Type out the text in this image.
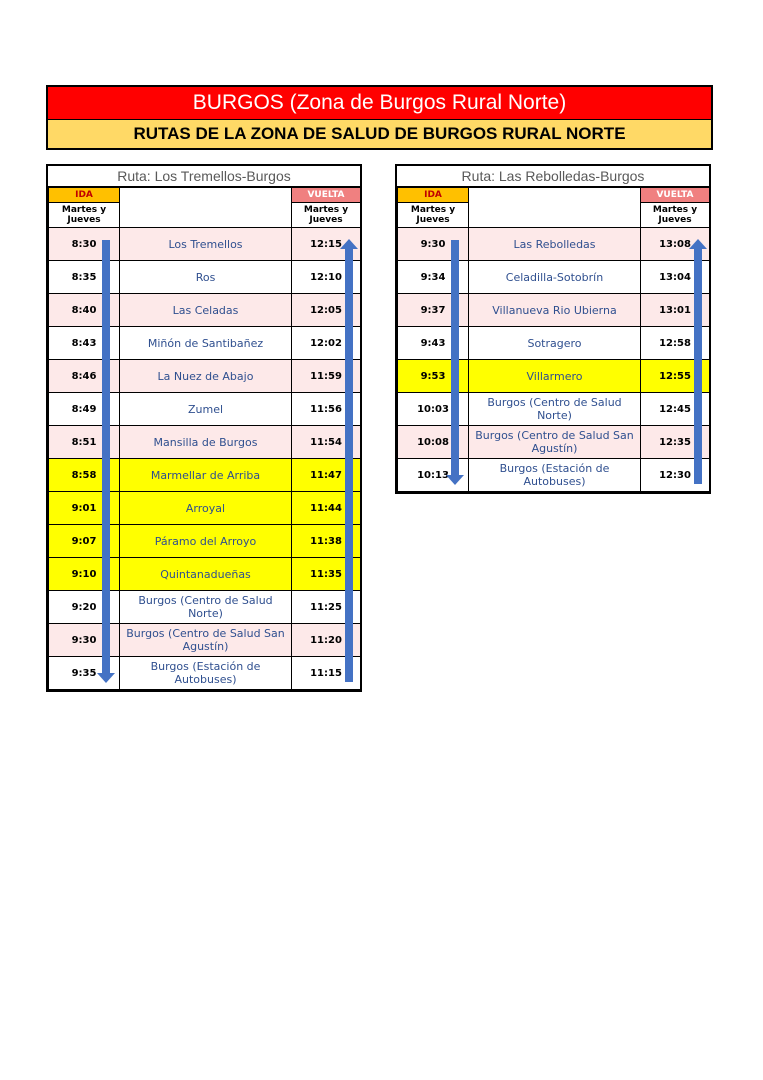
BURGOS (Zona de Burgos Rural Norte)
RUTAS DE LA ZONA DE SALUD DE BURGOS RURAL NORTE
Ruta: Los Tremellos-Burgos
IDA		VUELTA
Martes y Jueves		Martes y Jueves
8:30	Los Tremellos	12:15
8:35	Ros	12:10
8:40	Las Celadas	12:05
8:43	Miñón de Santibañez	12:02
8:46	La Nuez de Abajo	11:59
8:49	Zumel	11:56
8:51	Mansilla de Burgos	11:54
8:58	Marmellar de Arriba	11:47
9:01	Arroyal	11:44
9:07	Páramo del Arroyo	11:38
9:10	Quintanadueñas	11:35
9:20	Burgos (Centro de Salud Norte)	11:25
9:30	Burgos (Centro de Salud San Agustín)	11:20
9:35	Burgos (Estación de Autobuses)	11:15
Ruta: Las Rebolledas-Burgos
IDA		VUELTA
Martes y Jueves		Martes y Jueves
9:30	Las Rebolledas	13:08
9:34	Celadilla-Sotobrín	13:04
9:37	Villanueva Rio Ubierna	13:01
9:43	Sotragero	12:58
9:53	Villarmero	12:55
10:03	Burgos (Centro de Salud Norte)	12:45
10:08	Burgos (Centro de Salud San Agustín)	12:35
10:13	Burgos (Estación de Autobuses)	12:30
